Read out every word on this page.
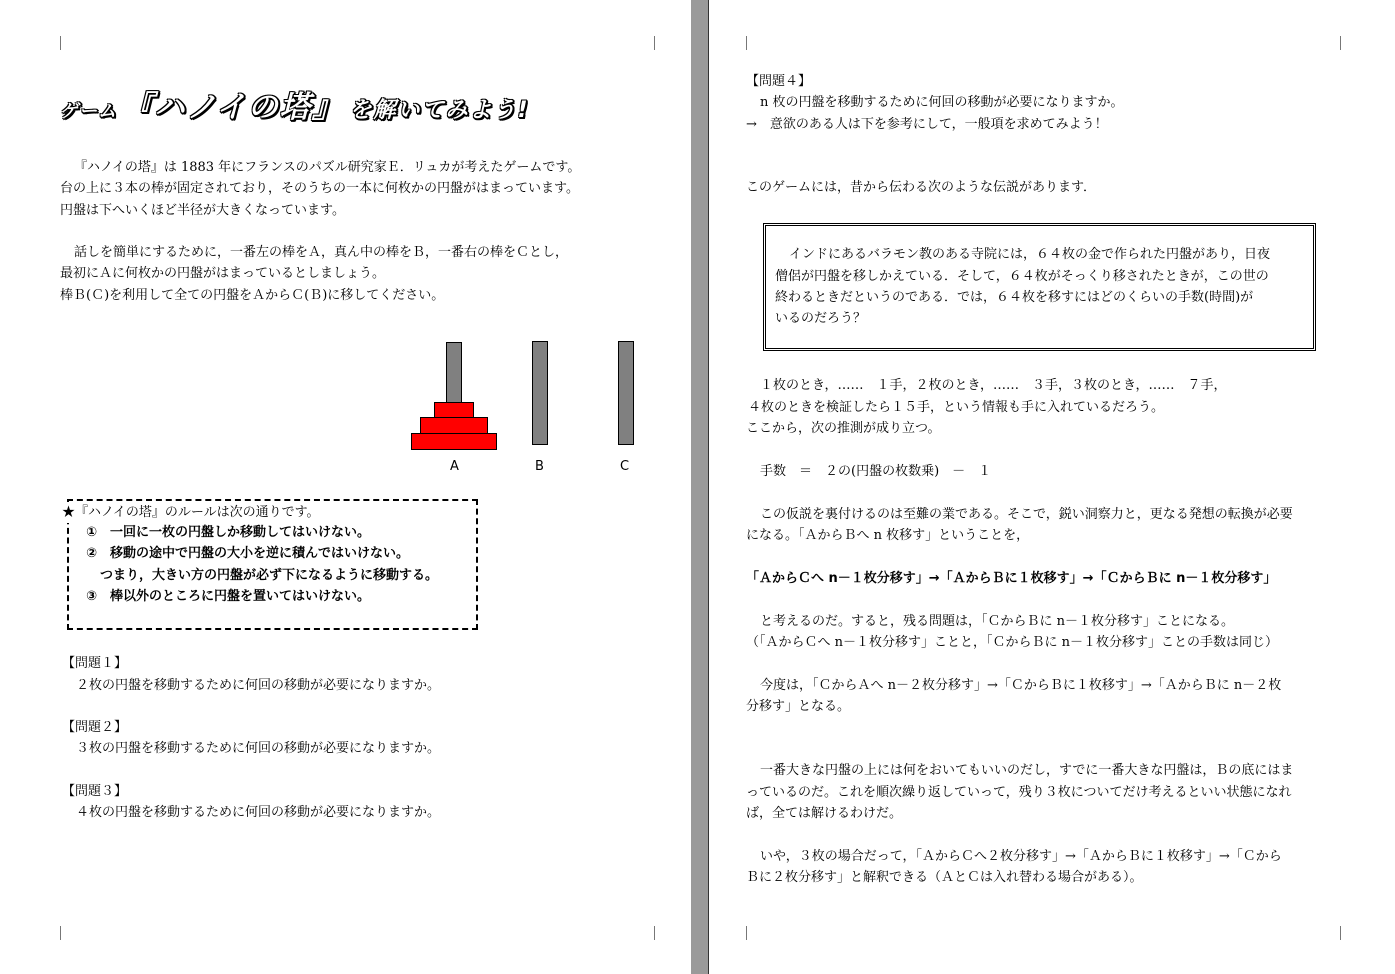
ゲーム 『ハノイの塔』 を解いてみよう!
『ハノイの塔』は 1883 年にフランスのパズル研究家Ｅ．リュカが考えたゲームです。
台の上に３本の棒が固定されており，そのうちの一本に何枚かの円盤がはまっています。
円盤は下へいくほど半径が大きくなっています。
話しを簡単にするために，一番左の棒をＡ，真ん中の棒をＢ，一番右の棒をＣとし，
最初にＡに何枚かの円盤がはまっているとしましょう。
棒Ｂ(Ｃ)を利用して全ての円盤をＡからＣ(Ｂ)に移してください。
A	B	C
★『ハノイの塔』のルールは次の通りです。
①　一回に一枚の円盤しか移動してはいけない。
②　移動の途中で円盤の大小を逆に積んではいけない。
つまり，大きい方の円盤が必ず下になるように移動する。
③　棒以外のところに円盤を置いてはいけない。
【問題１】
２枚の円盤を移動するために何回の移動が必要になりますか。
【問題２】
３枚の円盤を移動するために何回の移動が必要になりますか。
【問題３】
４枚の円盤を移動するために何回の移動が必要になりますか。
【問題４】
n 枚の円盤を移動するために何回の移動が必要になりますか。
→　意欲のある人は下を参考にして，一般項を求めてみよう！
このゲームには，昔から伝わる次のような伝説があります．
インドにあるバラモン教のある寺院には，６４枚の金で作られた円盤があり，日夜
僧侶が円盤を移しかえている．そして，６４枚がそっくり移されたときが，この世の
終わるときだというのである．では，６４枚を移すにはどのくらいの手数(時間)が
いるのだろう？
１枚のとき，……　１手，２枚のとき，……　３手，３枚のとき，……　７手，
４枚のときを検証したら１５手，という情報も手に入れているだろう。
ここから，次の推測が成り立つ。
手数　＝　２の(円盤の枚数乗)　－　１
この仮説を裏付けるのは至難の業である。そこで，鋭い洞察力と，更なる発想の転換が必要
になる。「ＡからＢへ n 枚移す」ということを，
「ＡからＣへ n－１枚分移す」→「ＡからＢに１枚移す」→「ＣからＢに n－１枚分移す」
と考えるのだ。すると，残る問題は，「ＣからＢに n－１枚分移す」ことになる。
（「ＡからＣへ n－１枚分移す」ことと，「ＣからＢに n－１枚分移す」ことの手数は同じ）
今度は，「ＣからＡへ n－２枚分移す」→「ＣからＢに１枚移す」→「ＡからＢに n－２枚
分移す」となる。
一番大きな円盤の上には何をおいてもいいのだし，すでに一番大きな円盤は，Ｂの底にはま
っているのだ。これを順次繰り返していって，残り３枚についてだけ考えるといい状態になれ
ば，全ては解けるわけだ。
いや，３枚の場合だって，「ＡからＣへ２枚分移す」→「ＡからＢに１枚移す」→「Ｃから
Ｂに２枚分移す」と解釈できる（ＡとＣは入れ替わる場合がある）。
